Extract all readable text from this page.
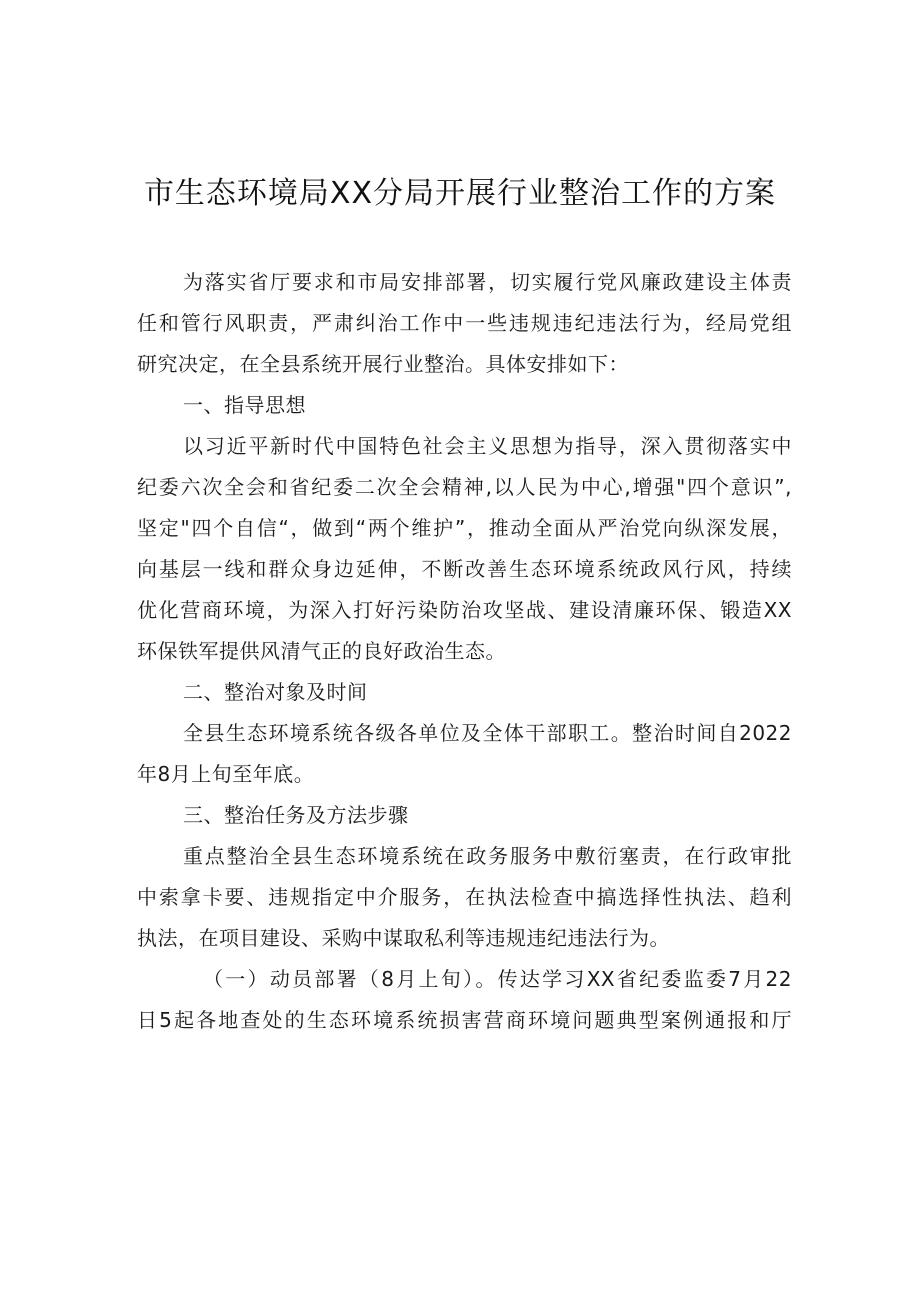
市生态环境局XX分局开展行业整治工作的方案
为落实省厅要求和市局安排部署，切实履行党风廉政建设主体责
任和管行风职责，严肃纠治工作中一些违规违纪违法行为，经局党组
研究决定，在全县系统开展行业整治。具体安排如下：
一、指导思想
以习近平新时代中国特色社会主义思想为指导，深入贯彻落实中
纪委六次全会和省纪委二次全会精神,以人民为中心,增强"四个意识”,
坚定"四个自信“，做到“两个维护”，推动全面从严治党向纵深发展，
向基层一线和群众身边延伸，不断改善生态环境系统政风行风，持续
优化营商环境，为深入打好污染防治攻坚战、建设清廉环保、锻造XX
环保铁军提供风清气正的良好政治生态。
二、整治对象及时间
全县生态环境系统各级各单位及全体干部职工。整治时间自2022
年8月上旬至年底。
三、整治任务及方法步骤
重点整治全县生态环境系统在政务服务中敷衍塞责，在行政审批
中索拿卡要、违规指定中介服务，在执法检查中搞选择性执法、趋利
执法，在项目建设、采购中谋取私利等违规违纪违法行为。
（一）动员部署（8月上旬）。传达学习XX省纪委监委7月22
日5起各地查处的生态环境系统损害营商环境问题典型案例通报和厅
